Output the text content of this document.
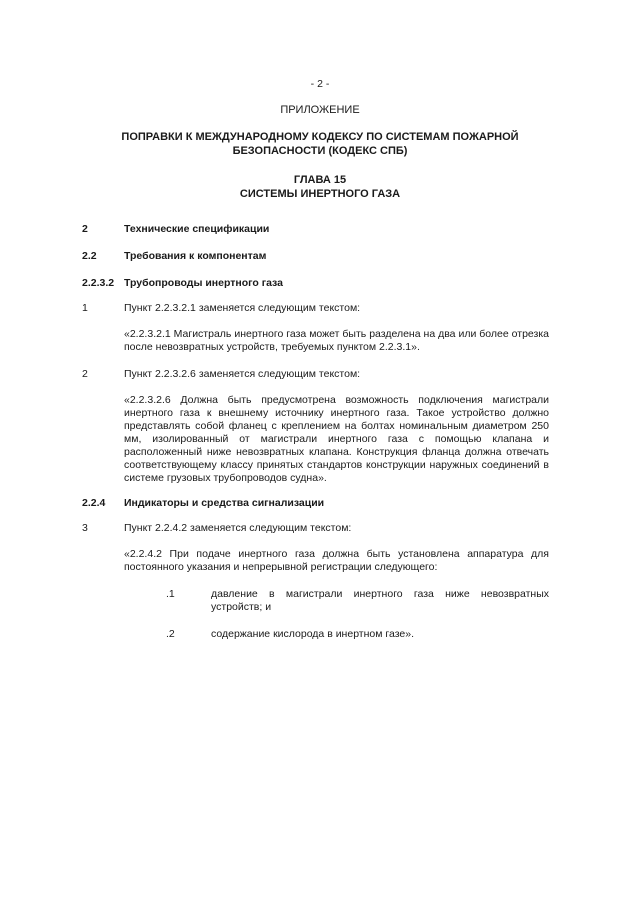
- 2 -
ПРИЛОЖЕНИЕ
ПОПРАВКИ К МЕЖДУНАРОДНОМУ КОДЕКСУ ПО СИСТЕМАМ ПОЖАРНОЙ
БЕЗОПАСНОСТИ (КОДЕКС СПБ)
ГЛАВА 15
СИСТЕМЫ ИНЕРТНОГО ГАЗА
2	Технические спецификации
2.2	Требования к компонентам
2.2.3.2 Трубопроводы инертного газа
1	Пункт 2.2.3.2.1 заменяется следующим текстом:
«2.2.3.2.1 Магистраль инертного газа может быть разделена на два или более отрезка после невозвратных устройств, требуемых пунктом 2.2.3.1».
2	Пункт 2.2.3.2.6 заменяется следующим текстом:
«2.2.3.2.6 Должна быть предусмотрена возможность подключения магистрали инертного газа к внешнему источнику инертного газа. Такое устройство должно представлять собой фланец с креплением на болтах номинальным диаметром 250 мм, изолированный от магистрали инертного газа с помощью клапана и расположенный ниже невозвратных клапана. Конструкция фланца должна отвечать соответствующему классу принятых стандартов конструкции наружных соединений в системе грузовых трубопроводов судна».
2.2.4 Индикаторы и средства сигнализации
3	Пункт 2.2.4.2 заменяется следующим текстом:
«2.2.4.2 При подаче инертного газа должна быть установлена аппаратура для постоянного указания и непрерывной регистрации следующего:
.1	давление в магистрали инертного газа ниже невозвратных устройств; и
.2	содержание кислорода в инертном газе».
